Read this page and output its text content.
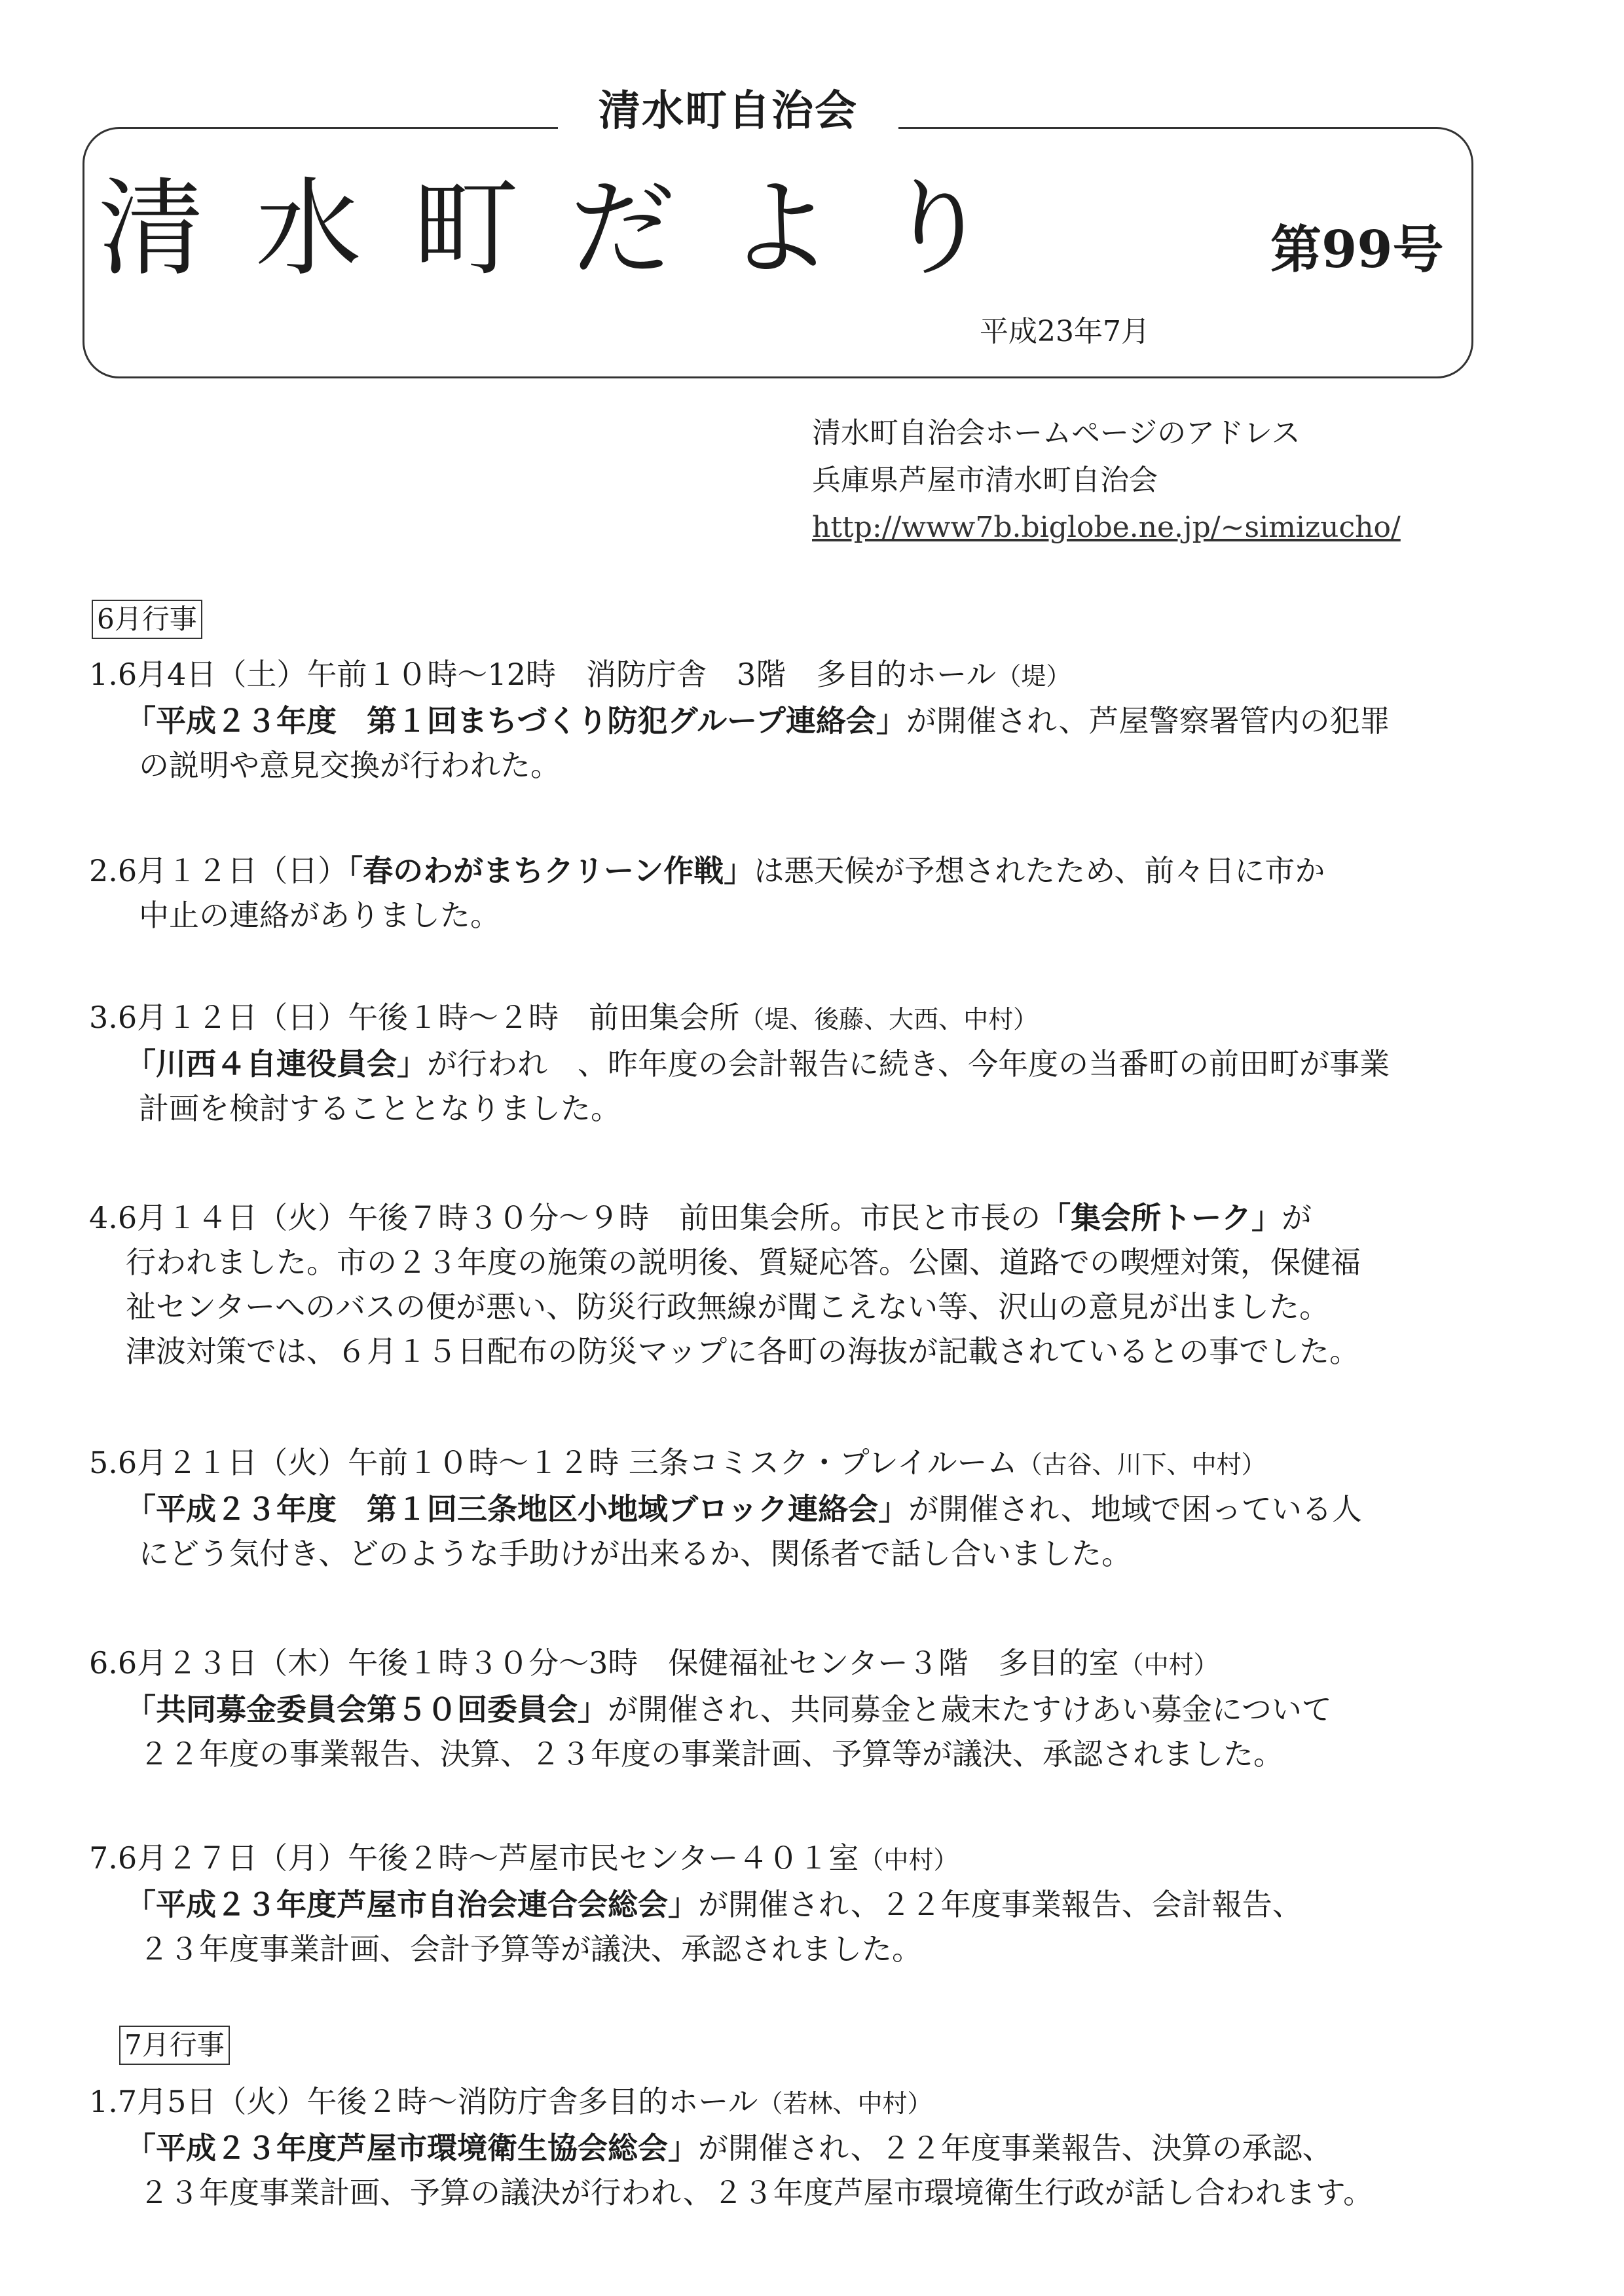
清水町自治会
清水町だより	第99号
平成23年7月
清水町自治会ホームページのアドレス
兵庫県芦屋市清水町自治会
http://www7b.biglobe.ne.jp/~simizucho/
6月行事
1.6月4日（土）午前１０時～12時　消防庁舎　3階　多目的ホール（堤）
「平成２３年度　第１回まちづくり防犯グループ連絡会」が開催され、芦屋警察署管内の犯罪
の説明や意見交換が行われた。
2.6月１２日（日）「春のわがまちクリーン作戦」は悪天候が予想されたため、前々日に市か
中止の連絡がありました。
3.6月１２日（日）午後１時～２時　前田集会所（堤、後藤、大西、中村）
「川西４自連役員会」が行われ　、昨年度の会計報告に続き、今年度の当番町の前田町が事業
計画を検討することとなりました。
4.6月１４日（火）午後７時３０分～９時　前田集会所。市民と市長の「集会所トーク」が
行われました。市の２３年度の施策の説明後、質疑応答。公園、道路での喫煙対策，保健福
祉センターへのバスの便が悪い、防災行政無線が聞こえない等、沢山の意見が出ました。
津波対策では、６月１５日配布の防災マップに各町の海抜が記載されているとの事でした。
5.6月２１日（火）午前１０時～１２時 三条コミスク・プレイルーム（古谷、川下、中村）
「平成２３年度　第１回三条地区小地域ブロック連絡会」が開催され、地域で困っている人
にどう気付き、どのような手助けが出来るか、関係者で話し合いました。
6.6月２３日（木）午後１時３０分～3時　保健福祉センター３階　多目的室（中村）
「共同募金委員会第５０回委員会」が開催され、共同募金と歳末たすけあい募金について
２２年度の事業報告、決算、２３年度の事業計画、予算等が議決、承認されました。
7.6月２７日（月）午後２時～芦屋市民センター４０１室（中村）
「平成２３年度芦屋市自治会連合会総会」が開催され、２２年度事業報告、会計報告、
２３年度事業計画、会計予算等が議決、承認されました。
7月行事
1.7月5日（火）午後２時～消防庁舎多目的ホール（若林、中村）
「平成２３年度芦屋市環境衛生協会総会」が開催され、２２年度事業報告、決算の承認、
２３年度事業計画、予算の議決が行われ、２３年度芦屋市環境衛生行政が話し合われます。
